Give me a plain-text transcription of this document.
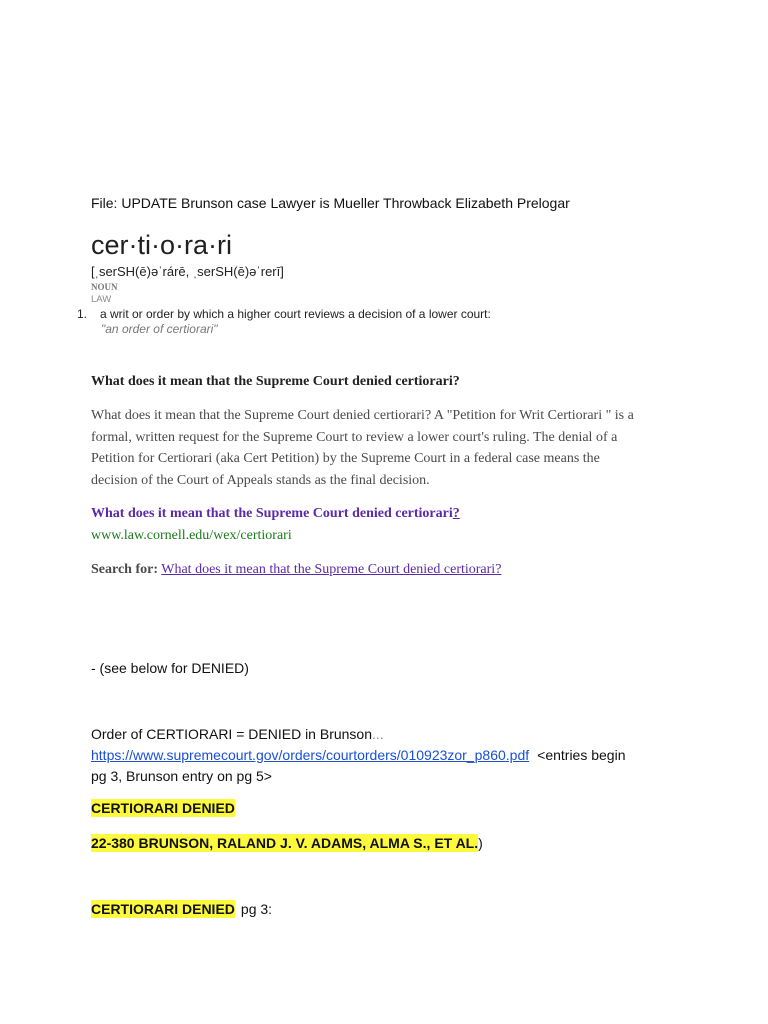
File: UPDATE Brunson case Lawyer is Mueller Throwback Elizabeth Prelogar
cer·ti·o·ra·ri
[ˌserSH(ē)əˈrárē, ˌserSH(ē)əˈrerī]
NOUN
LAW
1. a writ or order by which a higher court reviews a decision of a lower court:
"an order of certiorari"
What does it mean that the Supreme Court denied certiorari?
What does it mean that the Supreme Court denied certiorari? A "Petition for Writ Certiorari " is a
formal, written request for the Supreme Court to review a lower court's ruling. The denial of a
Petition for Certiorari (aka Cert Petition) by the Supreme Court in a federal case means the
decision of the Court of Appeals stands as the final decision.
What does it mean that the Supreme Court denied certiorari?
www.law.cornell.edu/wex/certiorari
Search for: What does it mean that the Supreme Court denied certiorari?
- (see below for DENIED)
Order of CERTIORARI = DENIED in Brunson...
https://www.supremecourt.gov/orders/courtorders/010923zor_p860.pdf <entries begin
pg 3, Brunson entry on pg 5>
CERTIORARI DENIED
22-380 BRUNSON, RALAND J. V. ADAMS, ALMA S., ET AL.)
CERTIORARI DENIED pg 3:
